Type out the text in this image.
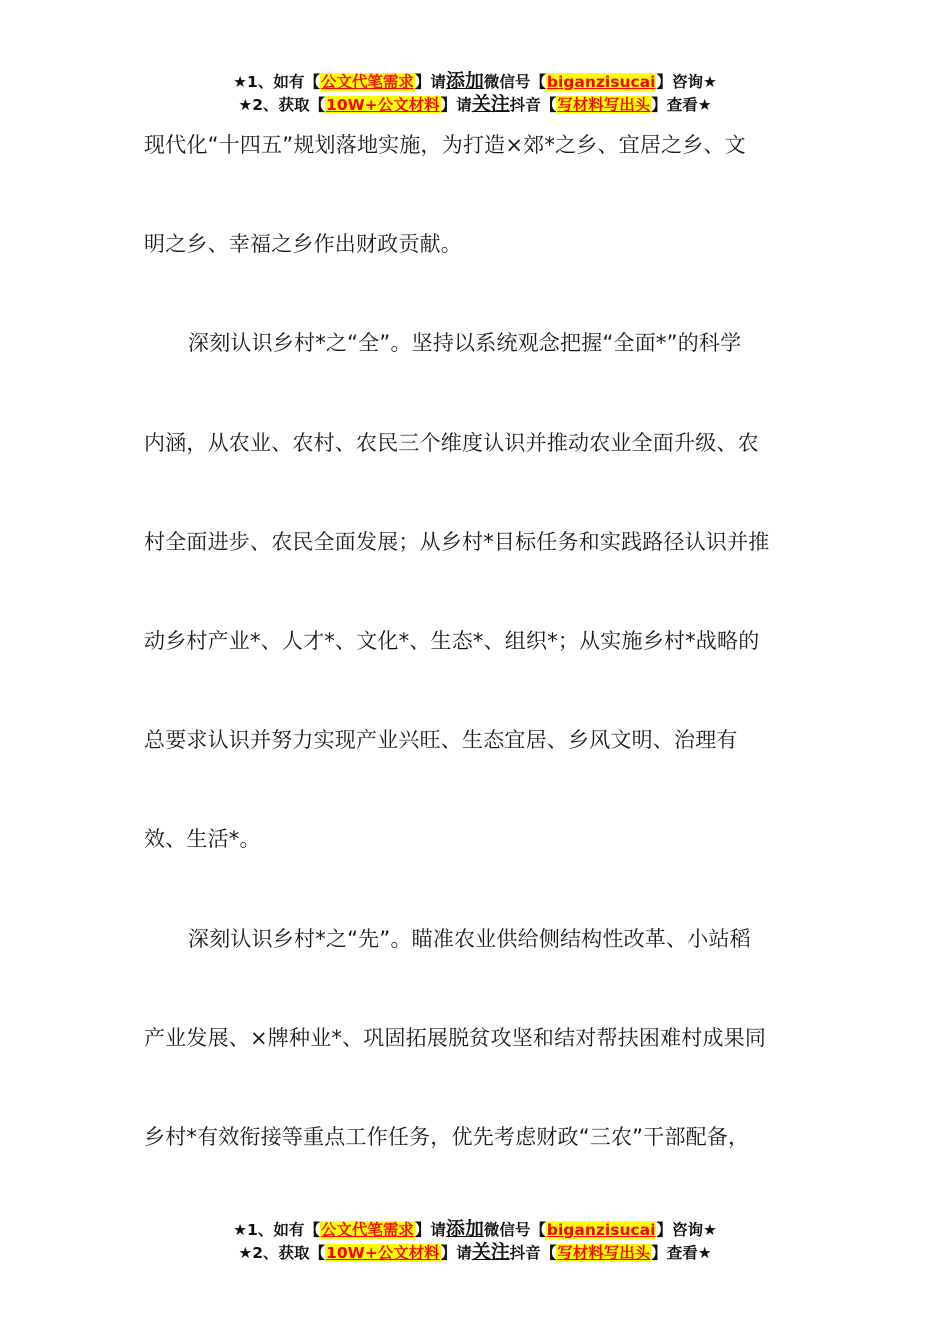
★1、如有【公文代笔需求】请添加微信号【biganzisucai】咨询★
★2、获取【10W+公文材料】请关注抖音【写材料写出头】查看★
现代化“十四五”规划落地实施，为打造×郊*之乡、宜居之乡、文
明之乡、幸福之乡作出财政贡献。
深刻认识乡村*之“全”。坚持以系统观念把握“全面*”的科学
内涵，从农业、农村、农民三个维度认识并推动农业全面升级、农
村全面进步、农民全面发展；从乡村*目标任务和实践路径认识并推
动乡村产业*、人才*、文化*、生态*、组织*；从实施乡村*战略的
总要求认识并努力实现产业兴旺、生态宜居、乡风文明、治理有
效、生活*。
深刻认识乡村*之“先”。瞄准农业供给侧结构性改革、小站稻
产业发展、×牌种业*、巩固拓展脱贫攻坚和结对帮扶困难村成果同
乡村*有效衔接等重点工作任务，优先考虑财政“三农”干部配备，
★1、如有【公文代笔需求】请添加微信号【biganzisucai】咨询★
★2、获取【10W+公文材料】请关注抖音【写材料写出头】查看★
